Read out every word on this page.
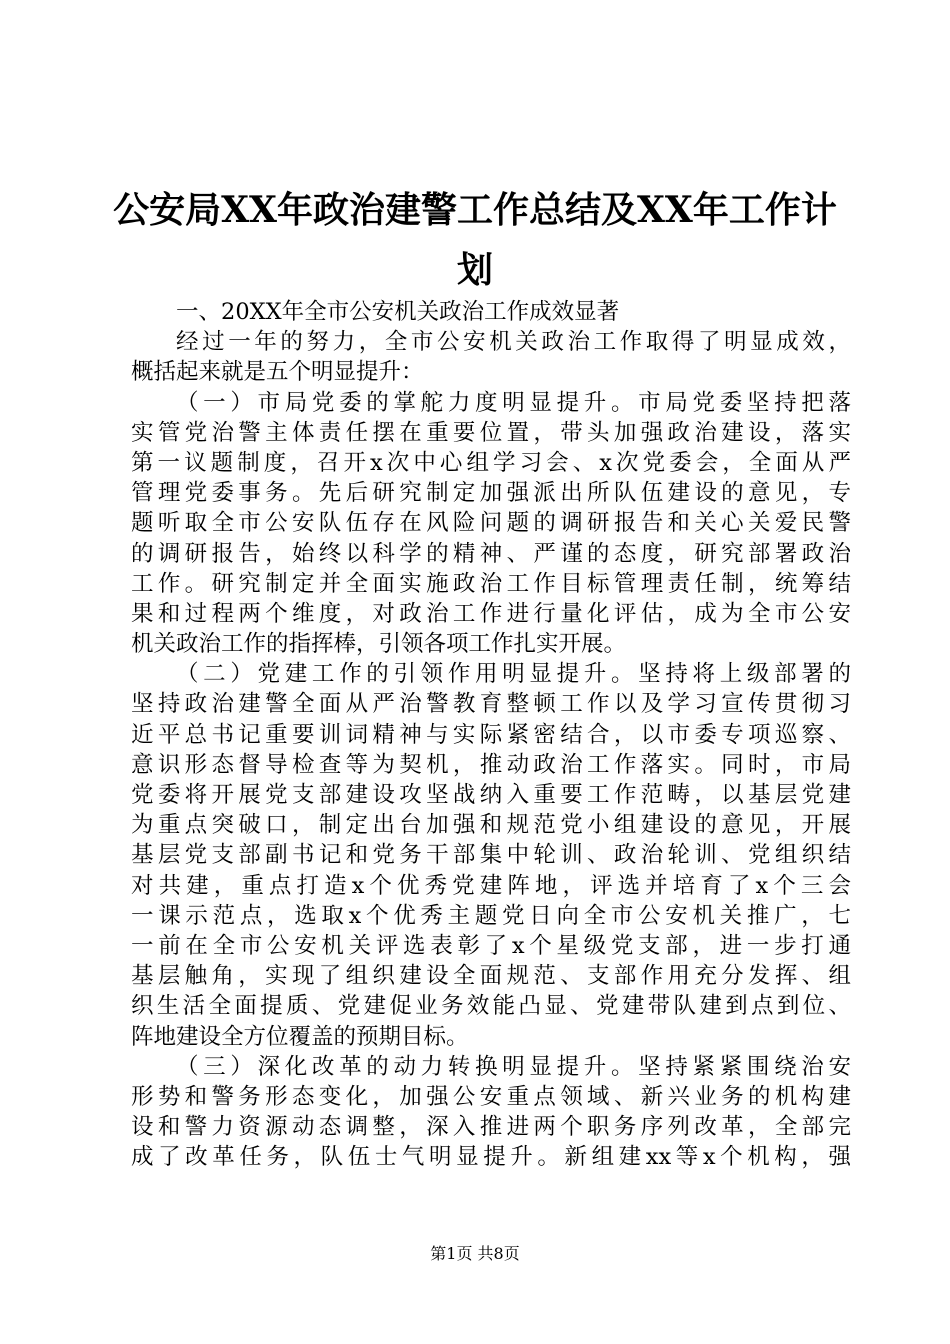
公安局XX年政治建警工作总结及XX年工作计
划
一、20XX年全市公安机关政治工作成效显著
经过一年的努力，全市公安机关政治工作取得了明显成效，
概括起来就是五个明显提升：
（一）市局党委的掌舵力度明显提升。市局党委坚持把落
实管党治警主体责任摆在重要位置，带头加强政治建设，落实
第一议题制度，召开x次中心组学习会、x次党委会，全面从严
管理党委事务。先后研究制定加强派出所队伍建设的意见，专
题听取全市公安队伍存在风险问题的调研报告和关心关爱民警
的调研报告，始终以科学的精神、严谨的态度，研究部署政治
工作。研究制定并全面实施政治工作目标管理责任制，统筹结
果和过程两个维度，对政治工作进行量化评估，成为全市公安
机关政治工作的指挥棒，引领各项工作扎实开展。
（二）党建工作的引领作用明显提升。坚持将上级部署的
坚持政治建警全面从严治警教育整顿工作以及学习宣传贯彻习
近平总书记重要训词精神与实际紧密结合，以市委专项巡察、
意识形态督导检查等为契机，推动政治工作落实。同时，市局
党委将开展党支部建设攻坚战纳入重要工作范畴，以基层党建
为重点突破口，制定出台加强和规范党小组建设的意见，开展
基层党支部副书记和党务干部集中轮训、政治轮训、党组织结
对共建，重点打造x个优秀党建阵地，评选并培育了x个三会
一课示范点，选取x个优秀主题党日向全市公安机关推广，七
一前在全市公安机关评选表彰了x个星级党支部，进一步打通
基层触角，实现了组织建设全面规范、支部作用充分发挥、组
织生活全面提质、党建促业务效能凸显、党建带队建到点到位、
阵地建设全方位覆盖的预期目标。
（三）深化改革的动力转换明显提升。坚持紧紧围绕治安
形势和警务形态变化，加强公安重点领域、新兴业务的机构建
设和警力资源动态调整，深入推进两个职务序列改革，全部完
成了改革任务，队伍士气明显提升。新组建xx等x个机构，强
第1页 共8页
